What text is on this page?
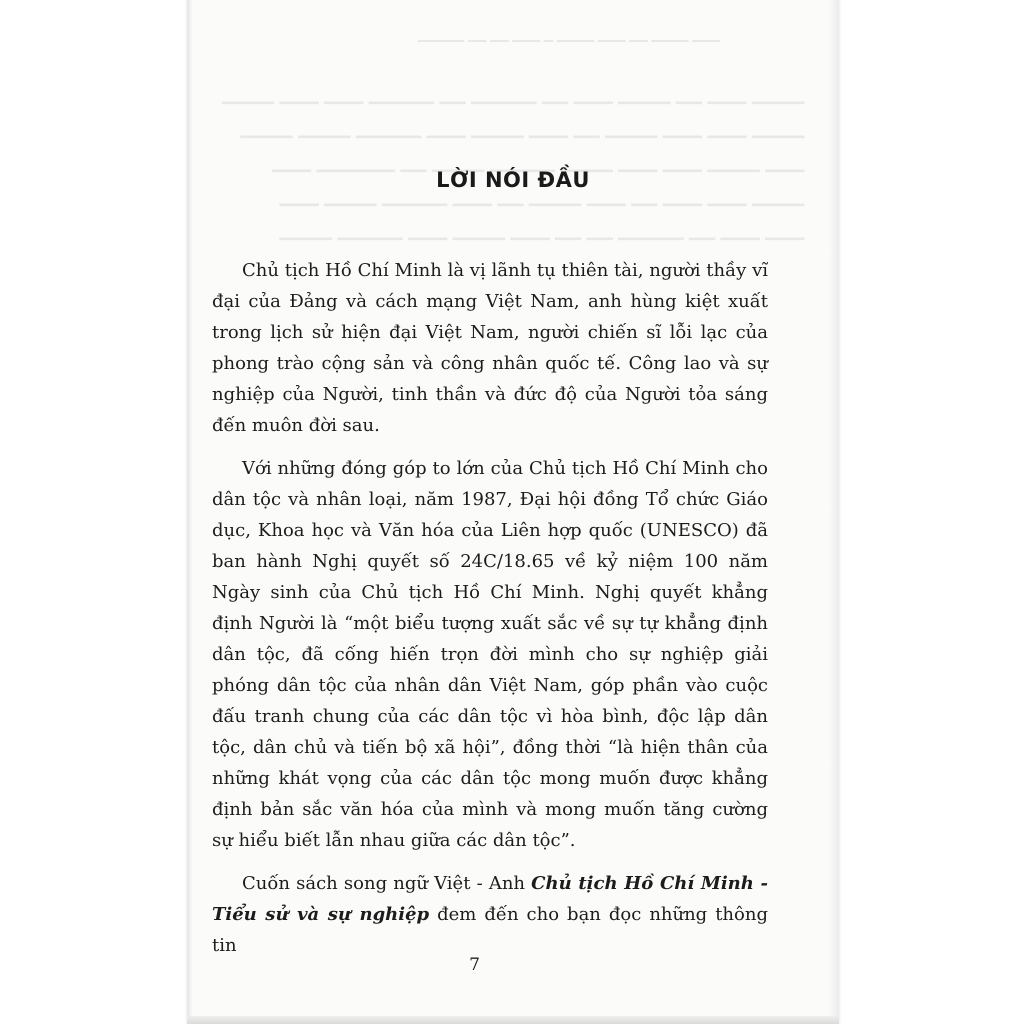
▁▁▁ ▁▁▁▁ ▁▁ ▁▁▁ ▁▁▁▁ ▁ ▁▁▁ ▁▁ ▁▁ ▁▁▁▁▁
▁▁▁▁ ▁▁▁ ▁▁ ▁▁▁▁ ▁▁▁ ▁▁ ▁▁▁▁▁ ▁▁ ▁▁▁▁▁ ▁▁▁ ▁▁▁ ▁▁▁▁
▁▁▁▁ ▁▁▁ ▁▁▁ ▁▁▁▁ ▁▁ ▁▁▁ ▁▁▁▁ ▁▁▁ ▁▁▁▁▁ ▁▁▁▁ ▁▁▁▁
▁▁▁ ▁▁▁▁ ▁▁▁ ▁▁▁ ▁▁▁▁ ▁▁▁▁▁ ▁▁▁▁ ▁▁ ▁▁▁▁▁▁ ▁▁▁
▁▁▁▁ ▁▁▁ ▁▁▁ ▁▁ ▁▁▁ ▁▁▁▁ ▁▁ ▁▁▁ ▁▁▁▁▁ ▁▁▁▁ ▁▁▁
▁▁▁ ▁▁▁ ▁▁ ▁▁▁▁▁ ▁▁ ▁▁ ▁▁▁ ▁▁▁▁ ▁▁▁ ▁▁▁▁▁ ▁▁▁▁
LỜI NÓI ĐẦU

Chủ tịch Hồ Chí Minh là vị lãnh tụ thiên tài, người thầy vĩ đại của Đảng và cách mạng Việt Nam, anh hùng kiệt xuất trong lịch sử hiện đại Việt Nam, người chiến sĩ lỗi lạc của phong trào cộng sản và công nhân quốc tế. Công lao và sự nghiệp của Người, tinh thần và đức độ của Người tỏa sáng đến muôn đời sau.

Với những đóng góp to lớn của Chủ tịch Hồ Chí Minh cho dân tộc và nhân loại, năm 1987, Đại hội đồng Tổ chức Giáo dục, Khoa học và Văn hóa của Liên hợp quốc (UNESCO) đã ban hành Nghị quyết số 24C/18.65 về kỷ niệm 100 năm Ngày sinh của Chủ tịch Hồ Chí Minh. Nghị quyết khẳng định Người là “một biểu tượng xuất sắc về sự tự khẳng định dân tộc, đã cống hiến trọn đời mình cho sự nghiệp giải phóng dân tộc của nhân dân Việt Nam, góp phần vào cuộc đấu tranh chung của các dân tộc vì hòa bình, độc lập dân tộc, dân chủ và tiến bộ xã hội”, đồng thời “là hiện thân của những khát vọng của các dân tộc mong muốn được khẳng định bản sắc văn hóa của mình và mong muốn tăng cường sự hiểu biết lẫn nhau giữa các dân tộc”.

Cuốn sách song ngữ Việt - Anh Chủ tịch Hồ Chí Minh - Tiểu sử và sự nghiệp đem đến cho bạn đọc những thông tin

7
